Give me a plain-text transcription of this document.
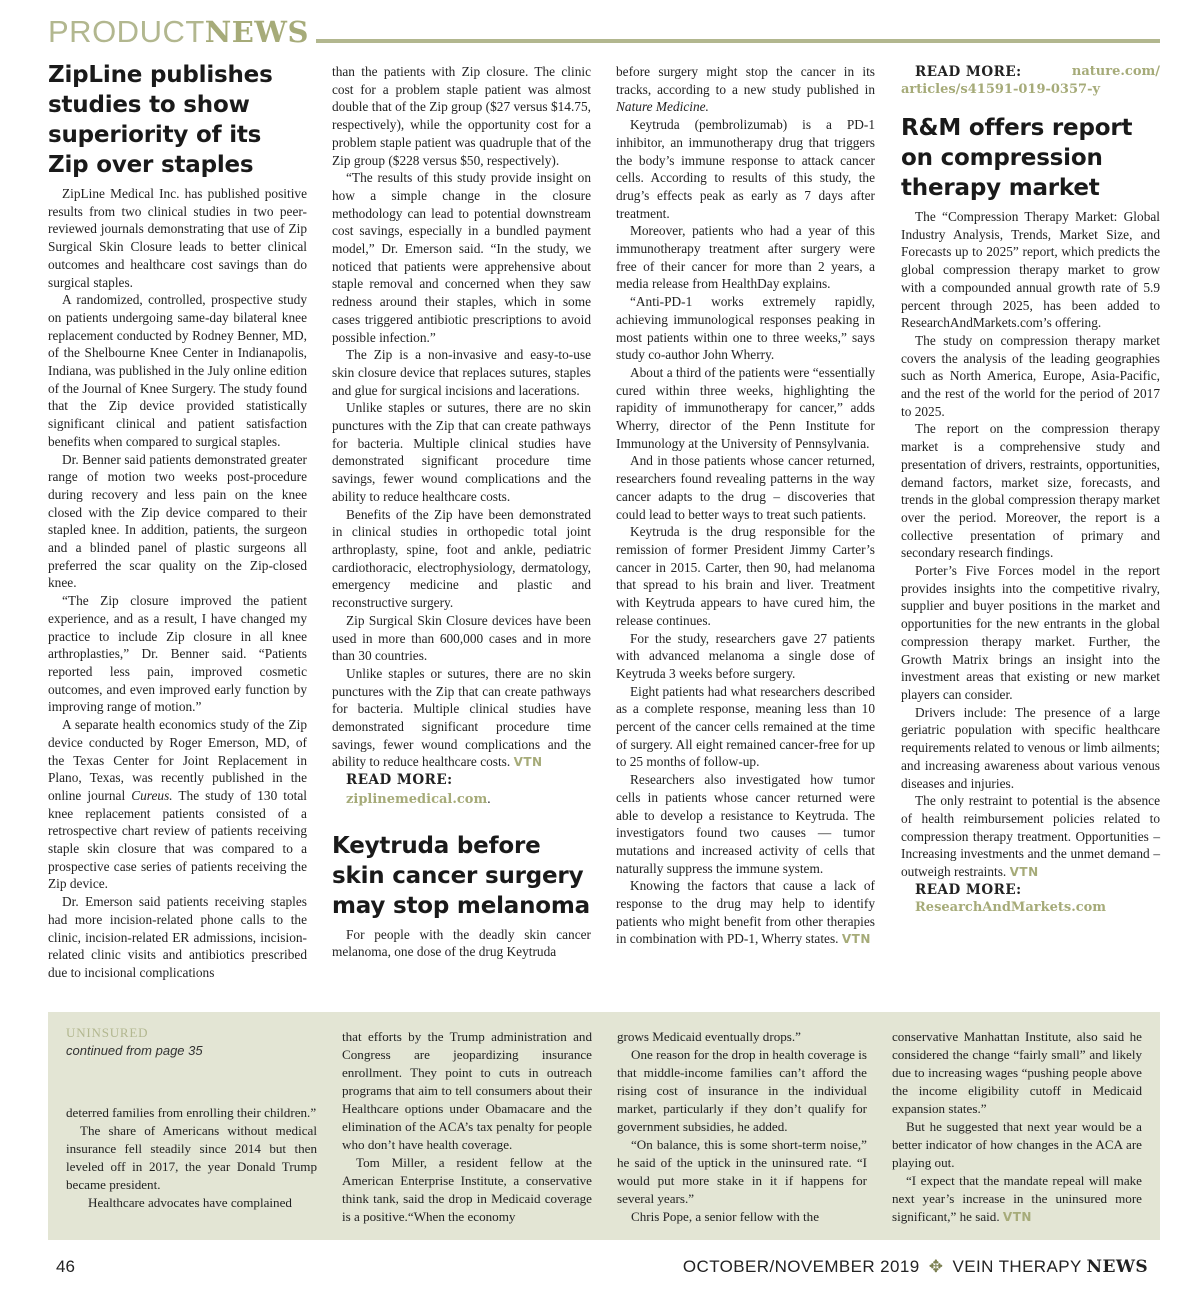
PRODUCTNEWS
ZipLine publishes studies to show superiority of its Zip over staples

ZipLine Medical Inc. has published positive results from two clinical studies in two peer-reviewed journals demonstrating that use of Zip Surgical Skin Closure leads to better clinical outcomes and healthcare cost savings than do surgical staples.

A randomized, controlled, prospective study on patients undergoing same-day bilateral knee replacement conducted by Rodney Benner, MD, of the Shelbourne Knee Center in Indianapolis, Indiana, was published in the July online edition of the Journal of Knee Surgery. The study found that the Zip device provided statistically significant clinical and patient satisfaction benefits when compared to surgical staples.

Dr. Benner said patients demonstrated greater range of motion two weeks post-procedure during recovery and less pain on the knee closed with the Zip device compared to their stapled knee. In addition, patients, the surgeon and a blinded panel of plastic surgeons all preferred the scar quality on the Zip-closed knee.

“The Zip closure improved the patient experience, and as a result, I have changed my practice to include Zip closure in all knee arthroplasties,” Dr. Benner said. “Patients reported less pain, improved cosmetic outcomes, and even improved early function by improving range of motion.”

A separate health economics study of the Zip device conducted by Roger Emerson, MD, of the Texas Center for Joint Replacement in Plano, Texas, was recently published in the online journal Cureus. The study of 130 total knee replacement patients consisted of a retrospective chart review of patients receiving staple skin closure that was compared to a prospective case series of patients receiving the Zip device.

Dr. Emerson said patients receiving staples had more incision-related phone calls to the clinic, incision-related ER admissions, incision-related clinic visits and antibiotics prescribed due to incisional complications

than the patients with Zip closure. The clinic cost for a problem staple patient was almost double that of the Zip group ($27 versus $14.75, respectively), while the opportunity cost for a problem staple patient was quadruple that of the Zip group ($228 versus $50, respectively).

“The results of this study provide insight on how a simple change in the closure methodology can lead to potential downstream cost savings, especially in a bundled payment model,” Dr. Emerson said. “In the study, we noticed that patients were apprehensive about staple removal and concerned when they saw redness around their staples, which in some cases triggered antibiotic prescriptions to avoid possible infection.”

The Zip is a non-invasive and easy-to-use skin closure device that replaces sutures, staples and glue for surgical incisions and lacerations.

Unlike staples or sutures, there are no skin punctures with the Zip that can create pathways for bacteria. Multiple clinical studies have demonstrated significant procedure time savings, fewer wound complications and the ability to reduce healthcare costs.

Benefits of the Zip have been demonstrated in clinical studies in orthopedic total joint arthroplasty, spine, foot and ankle, pediatric cardiothoracic, electrophysiology, dermatology, emergency medicine and plastic and reconstructive surgery.

Zip Surgical Skin Closure devices have been used in more than 600,000 cases and in more than 30 countries.

Unlike staples or sutures, there are no skin punctures with the Zip that can create pathways for bacteria. Multiple clinical studies have demonstrated significant procedure time savings, fewer wound complications and the ability to reduce healthcare costs. VTN

READ MORE:
ziplinemedical.com.
Keytruda before skin cancer surgery may stop melanoma

For people with the deadly skin cancer melanoma, one dose of the drug Keytruda

before surgery might stop the cancer in its tracks, according to a new study published in Nature Medicine.

Keytruda (pembrolizumab) is a PD-1 inhibitor, an immunotherapy drug that triggers the body’s immune response to attack cancer cells. According to results of this study, the drug’s effects peak as early as 7 days after treatment.

Moreover, patients who had a year of this immunotherapy treatment after surgery were free of their cancer for more than 2 years, a media release from HealthDay explains.

“Anti-PD-1 works extremely rapidly, achieving immunological responses peaking in most patients within one to three weeks,” says study co-author John Wherry.

About a third of the patients were “essentially cured within three weeks, highlighting the rapidity of immunotherapy for cancer,” adds Wherry, director of the Penn Institute for Immunology at the University of Pennsylvania.

And in those patients whose cancer returned, researchers found revealing patterns in the way cancer adapts to the drug – discoveries that could lead to better ways to treat such patients.

Keytruda is the drug responsible for the remission of former President Jimmy Carter’s cancer in 2015. Carter, then 90, had melanoma that spread to his brain and liver. Treatment with Keytruda appears to have cured him, the release continues.

For the study, researchers gave 27 patients with advanced melanoma a single dose of Keytruda 3 weeks before surgery.

Eight patients had what researchers described as a complete response, meaning less than 10 percent of the cancer cells remained at the time of surgery. All eight remained cancer-free for up to 25 months of follow-up.

Researchers also investigated how tumor cells in patients whose cancer returned were able to develop a resistance to Keytruda. The investigators found two causes — tumor mutations and increased activity of cells that naturally suppress the immune system.

Knowing the factors that cause a lack of response to the drug may help to identify patients who might benefit from other therapies in combination with PD-1, Wherry states. VTN

READ MORE:	nature.com/
articles/s41591-019-0357-y
R&M offers report on compression therapy market

The “Compression Therapy Market: Global Industry Analysis, Trends, Market Size, and Forecasts up to 2025” report, which predicts the global compression therapy market to grow with a compounded annual growth rate of 5.9 percent through 2025, has been added to ResearchAndMarkets.com’s offering.

The study on compression therapy market covers the analysis of the leading geographies such as North America, Europe, Asia-Pacific, and the rest of the world for the period of 2017 to 2025.

The report on the compression therapy market is a comprehensive study and presentation of drivers, restraints, opportunities, demand factors, market size, forecasts, and trends in the global compression therapy market over the period. Moreover, the report is a collective presentation of primary and secondary research findings.

Porter’s Five Forces model in the report provides insights into the competitive rivalry, supplier and buyer positions in the market and opportunities for the new entrants in the global compression therapy market. Further, the Growth Matrix brings an insight into the investment areas that existing or new market players can consider.

Drivers include: The presence of a large geriatric population with specific healthcare requirements related to venous or limb ailments; and increasing awareness about various venous diseases and injuries.

The only restraint to potential is the absence of health reimbursement policies related to compression therapy treatment. Opportunities – Increasing investments and the unmet demand – outweigh restraints. VTN

READ MORE:
ResearchAndMarkets.com
UNINSURED
continued from page 35

deterred families from enrolling their children.”

The share of Americans without medical insurance fell steadily since 2014 but then leveled off in 2017, the year Donald Trump became president.

Healthcare advocates have complained

that efforts by the Trump administration and Congress are jeopardizing insurance enrollment. They point to cuts in outreach programs that aim to tell consumers about their Healthcare options under Obamacare and the elimination of the ACA’s tax penalty for people who don’t have health coverage.

Tom Miller, a resident fellow at the American Enterprise Institute, a conservative think tank, said the drop in Medicaid coverage is a positive.“When the economy

grows Medicaid eventually drops.”

One reason for the drop in health coverage is that middle-income families can’t afford the rising cost of insurance in the individual market, particularly if they don’t qualify for government subsidies, he added.

“On balance, this is some short-term noise,” he said of the uptick in the uninsured rate. “I would put more stake in it if happens for several years.”

Chris Pope, a senior fellow with the

conservative Manhattan Institute, also said he considered the change “fairly small” and likely due to increasing wages “pushing people above the income eligibility cutoff in Medicaid expansion states.”

But he suggested that next year would be a better indicator of how changes in the ACA are playing out.

“I expect that the mandate repeal will make next year’s increase in the uninsured more significant,” he said. VTN

46	OCTOBER/NOVEMBER 2019 ✥ VEIN THERAPY NEWS
